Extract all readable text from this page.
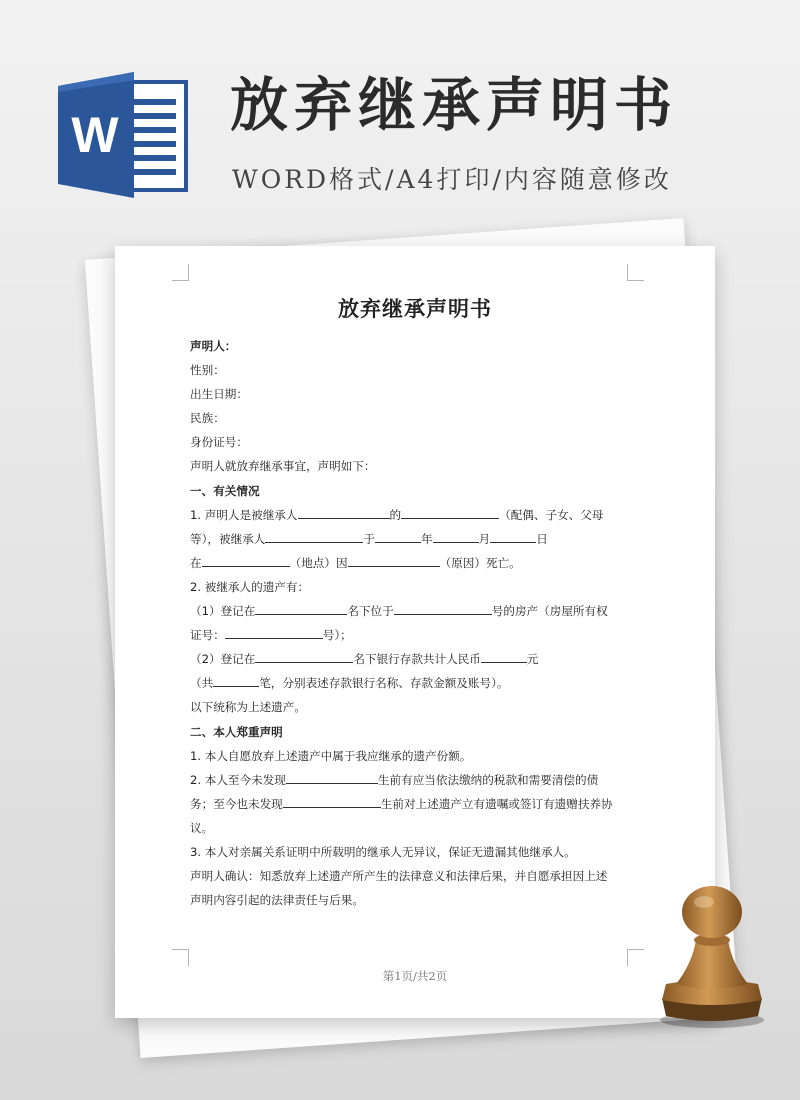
W 放弃继承声明书
WORD格式/A4打印/内容随意修改
放弃继承声明书
声明人：
性别：
出生日期：
民族：
身份证号：
声明人就放弃继承事宜，声明如下：
一、有关情况
1. 声明人是被继承人	的	（配偶、子女、父母
等），被继承人	于	年	月	日
在	（地点）因	（原因）死亡。
2. 被继承人的遗产有：
（1）登记在	名下位于	号的房产（房屋所有权
证号：	号）；
（2）登记在	名下银行存款共计人民币	元
（共	笔，分别表述存款银行名称、存款金额及账号）。
以下统称为上述遗产。
二、本人郑重声明
1. 本人自愿放弃上述遗产中属于我应继承的遗产份额。
2. 本人至今未发现	生前有应当依法缴纳的税款和需要清偿的债
务；至今也未发现	生前对上述遗产立有遗嘱或签订有遗赠扶养协
议。
3. 本人对亲属关系证明中所载明的继承人无异议，保证无遗漏其他继承人。
声明人确认：知悉放弃上述遗产所产生的法律意义和法律后果，并自愿承担因上述
声明内容引起的法律责任与后果。
第1页/共2页
